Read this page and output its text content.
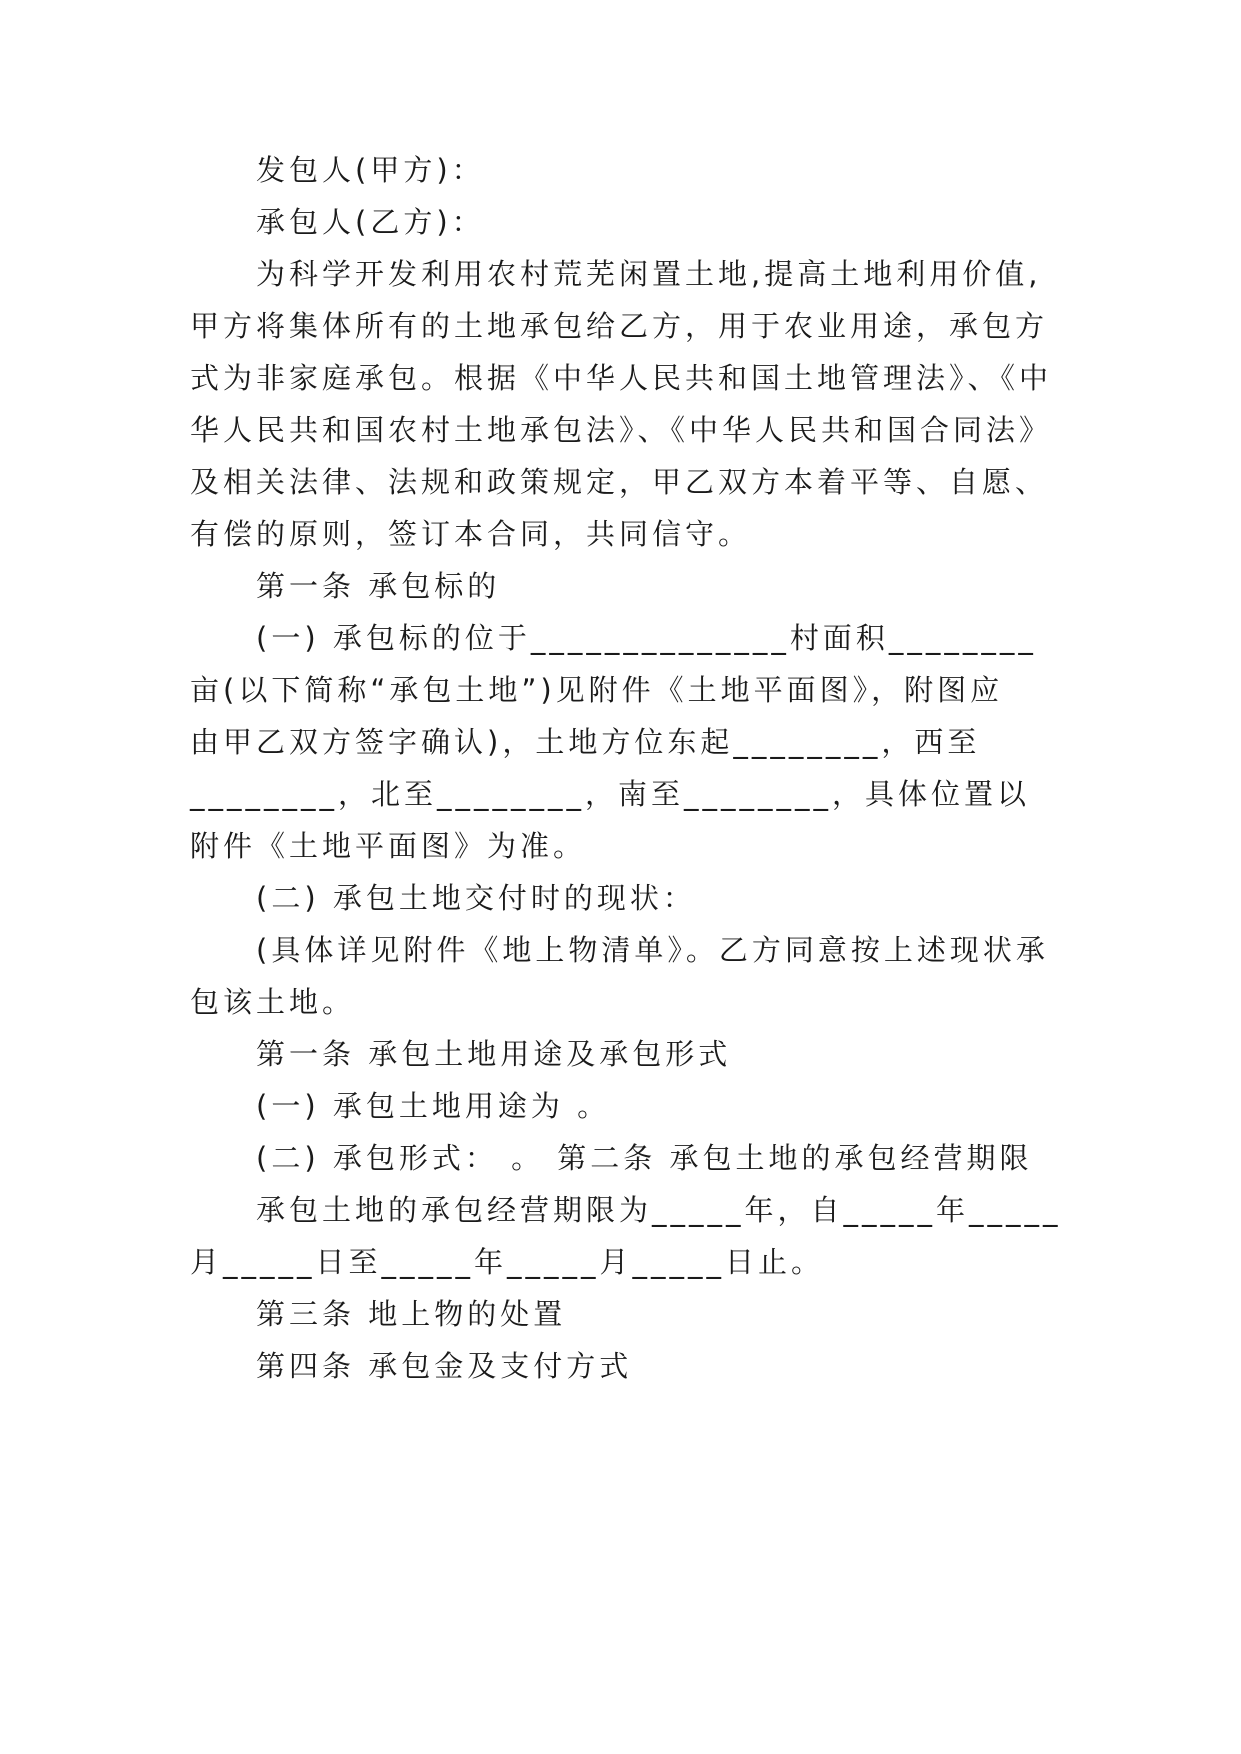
发包人(甲方)：
承包人(乙方)：
为科学开发利用农村荒芜闲置土地,提高土地利用价值,
甲方将集体所有的土地承包给乙方，用于农业用途，承包方
式为非家庭承包。根据《中华人民共和国土地管理法》、《中
华人民共和国农村土地承包法》、《中华人民共和国合同法》
及相关法律、法规和政策规定，甲乙双方本着平等、自愿、
有偿的原则，签订本合同，共同信守。
第一条 承包标的
(一) 承包标的位于______________村面积________
亩(以下简称“承包土地”)见附件《土地平面图》，附图应
由甲乙双方签字确认)，土地方位东起________，西至
________，北至________，南至________，具体位置以
附件《土地平面图》为准。
(二) 承包土地交付时的现状：
(具体详见附件《地上物清单》。乙方同意按上述现状承
包该土地。
第一条 承包土地用途及承包形式
(一) 承包土地用途为 。
(二) 承包形式： 。 第二条 承包土地的承包经营期限
承包土地的承包经营期限为_____年，自_____年_____
月_____日至_____年_____月_____日止。
第三条 地上物的处置
第四条 承包金及支付方式
